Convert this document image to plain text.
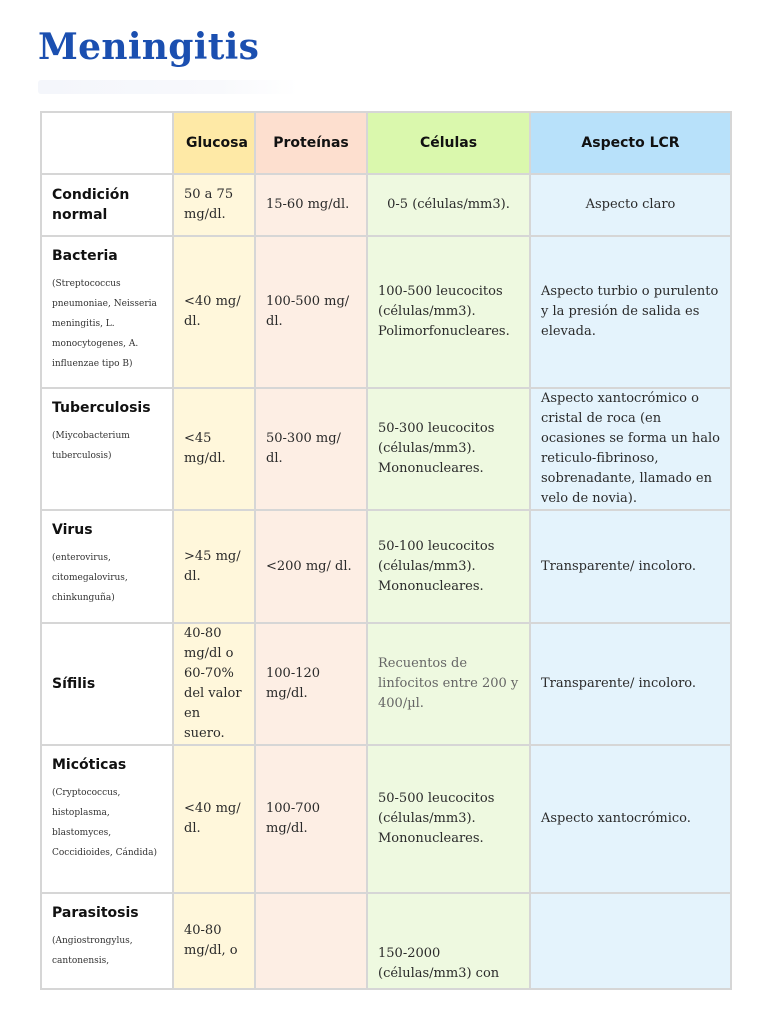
Meningitis
	Glucosa	Proteínas	Células	Aspecto LCR

Condición normal	50 a 75 mg/dl.	15-60 mg/dl.	0-5 (células/mm3).	Aspecto claro

Bacteria
(Streptococcus pneumoniae, Neisseria meningitis, L. monocytogenes, A. influenzae tipo B)	<40 mg/ dl.	100-500 mg/ dl.	100-500 leucocitos (células/mm3). Polimorfonucleares.	Aspecto turbio o purulento y la presión de salida es elevada.

Tuberculosis
(Miycobacterium tuberculosis)	<45 mg/dl.	50-300 mg/ dl.	50-300 leucocitos (células/mm3). Mononucleares.	Aspecto xantocrómico o cristal de roca (en ocasiones se forma un halo reticulo-fibrinoso, sobrenadante, llamado en velo de novia).

Virus
(enterovirus, citomegalovirus, chinkunguña)	>45 mg/ dl.	<200 mg/ dl.	50-100 leucocitos (células/mm3). Mononucleares.	Transparente/ incoloro.

Sífilis	40-80 mg/dl o 60-70% del valor en suero.	100-120 mg/dl.	Recuentos de linfocitos entre 200 y 400/µl.	Transparente/ incoloro.

Micóticas
(Cryptococcus, histoplasma, blastomyces, Coccidioides, Cándida)	<40 mg/ dl.	100-700 mg/dl.	50-500 leucocitos (células/mm3). Mononucleares.	Aspecto xantocrómico.

Parasitosis
(Angiostrongylus, cantonensis,	40-80 mg/dl, o		150-2000 (células/mm3) con	
